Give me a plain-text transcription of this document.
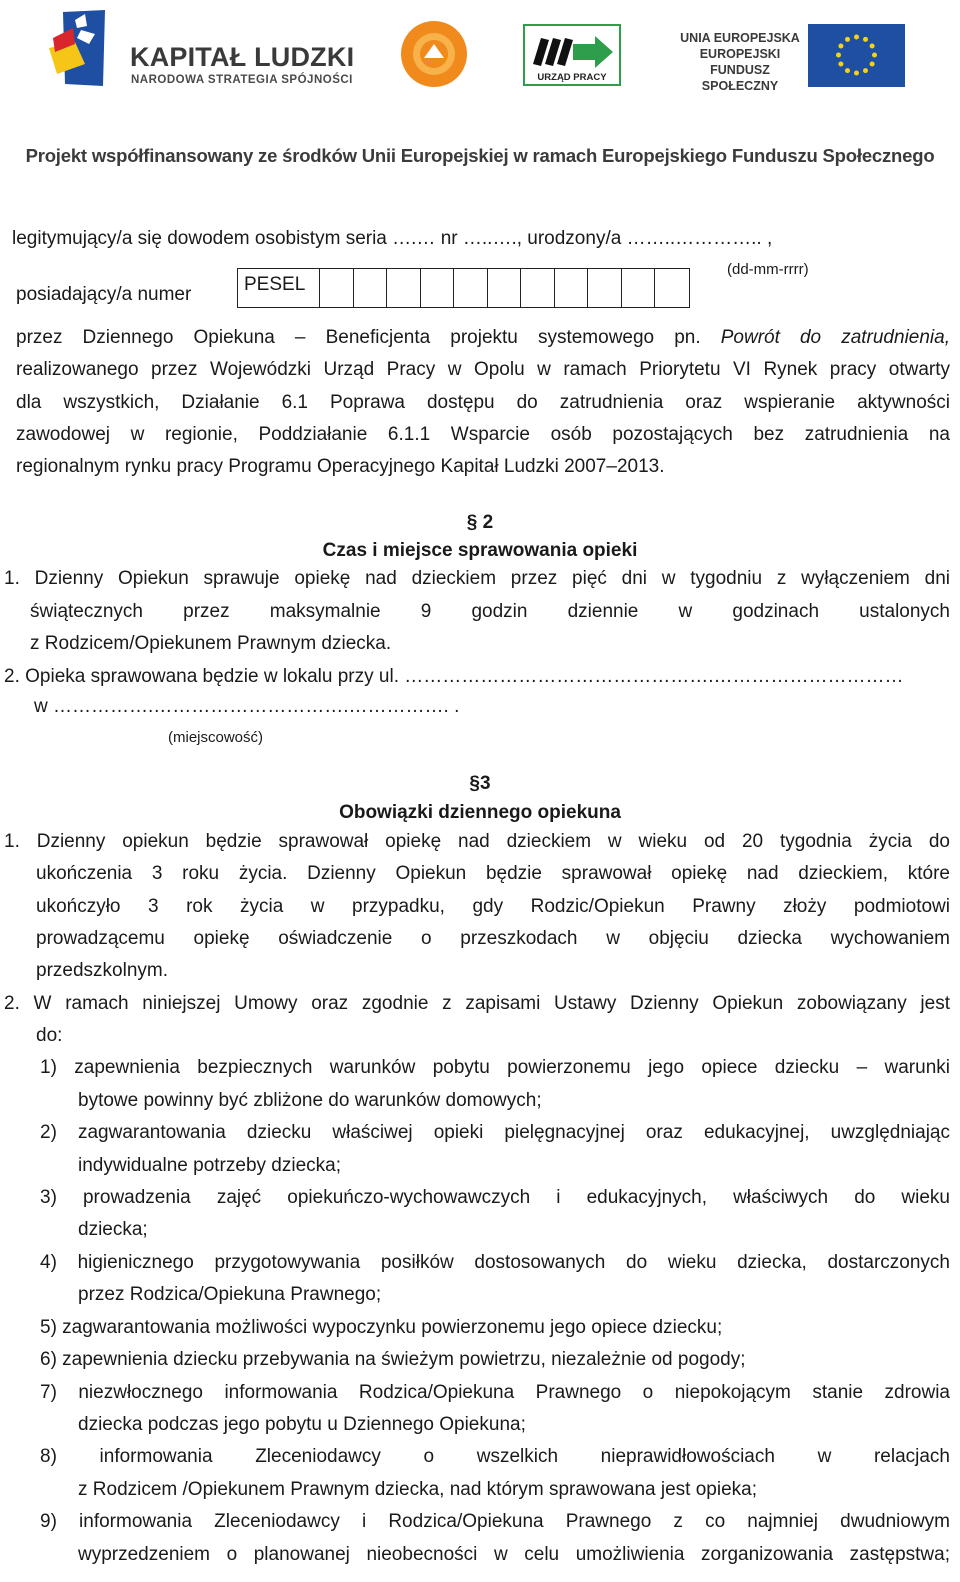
KAPITAŁ LUDZKI
NARODOWA STRATEGIA SPÓJNOŚCI	URZĄD PRACY
UNIA EUROPEJSKA
EUROPEJSKI
FUNDUSZ SPOŁECZNY
Projekt współfinansowany ze środków Unii Europejskiej w ramach Europejskiego Funduszu Społecznego
legitymujący/a się dowodem osobistym seria ….… nr …..…., urodzony/a ……..………….. ,
(dd-mm-rrrr)
posiadający/a numer	PESEL
przez Dziennego Opiekuna – Beneficjenta projektu systemowego pn. Powrót do zatrudnienia,
realizowanego przez Wojewódzki Urząd Pracy w Opolu w ramach Priorytetu VI Rynek pracy otwarty
dla wszystkich, Działanie 6.1 Poprawa dostępu do zatrudnienia oraz wspieranie aktywności
zawodowej w regionie, Poddziałanie 6.1.1 Wsparcie osób pozostających bez zatrudnienia na
regionalnym rynku pracy Programu Operacyjnego Kapitał Ludzki 2007–2013.
§ 2
Czas i miejsce sprawowania opieki
1. Dzienny Opiekun sprawuje opiekę nad dzieckiem przez pięć dni w tygodniu z wyłączeniem dni
świątecznych przez maksymalnie 9 godzin dziennie w godzinach ustalonych
z Rodzicem/Opiekunem Prawnym dziecka.
2. Opieka sprawowana będzie w lokalu przy ul. ………………………………………….…………………………
w …………….………………………….……………. .
(miejscowość)
§3
Obowiązki dziennego opiekuna
1. Dzienny opiekun będzie sprawował opiekę nad dzieckiem w wieku od 20 tygodnia życia do
ukończenia 3 roku życia. Dzienny Opiekun będzie sprawował opiekę nad dzieckiem, które
ukończyło 3 rok życia w przypadku, gdy Rodzic/Opiekun Prawny złoży podmiotowi
prowadzącemu opiekę oświadczenie o przeszkodach w objęciu dziecka wychowaniem
przedszkolnym.
2. W ramach niniejszej Umowy oraz zgodnie z zapisami Ustawy Dzienny Opiekun zobowiązany jest
do:
1) zapewnienia bezpiecznych warunków pobytu powierzonemu jego opiece dziecku – warunki
bytowe powinny być zbliżone do warunków domowych;
2) zagwarantowania dziecku właściwej opieki pielęgnacyjnej oraz edukacyjnej, uwzględniając
indywidualne potrzeby dziecka;
3) prowadzenia zajęć opiekuńczo-wychowawczych i edukacyjnych, właściwych do wieku
dziecka;
4) higienicznego przygotowywania posiłków dostosowanych do wieku dziecka, dostarczonych
przez Rodzica/Opiekuna Prawnego;
5) zagwarantowania możliwości wypoczynku powierzonemu jego opiece dziecku;
6) zapewnienia dziecku przebywania na świeżym powietrzu, niezależnie od pogody;
7) niezwłocznego informowania Rodzica/Opiekuna Prawnego o niepokojącym stanie zdrowia
dziecka podczas jego pobytu u Dziennego Opiekuna;
8) informowania Zleceniodawcy o wszelkich nieprawidłowościach w relacjach
z Rodzicem /Opiekunem Prawnym dziecka, nad którym sprawowana jest opieka;
9) informowania Zleceniodawcy i Rodzica/Opiekuna Prawnego z co najmniej dwudniowym
wyprzedzeniem o planowanej nieobecności w celu umożliwienia zorganizowania zastępstwa;
